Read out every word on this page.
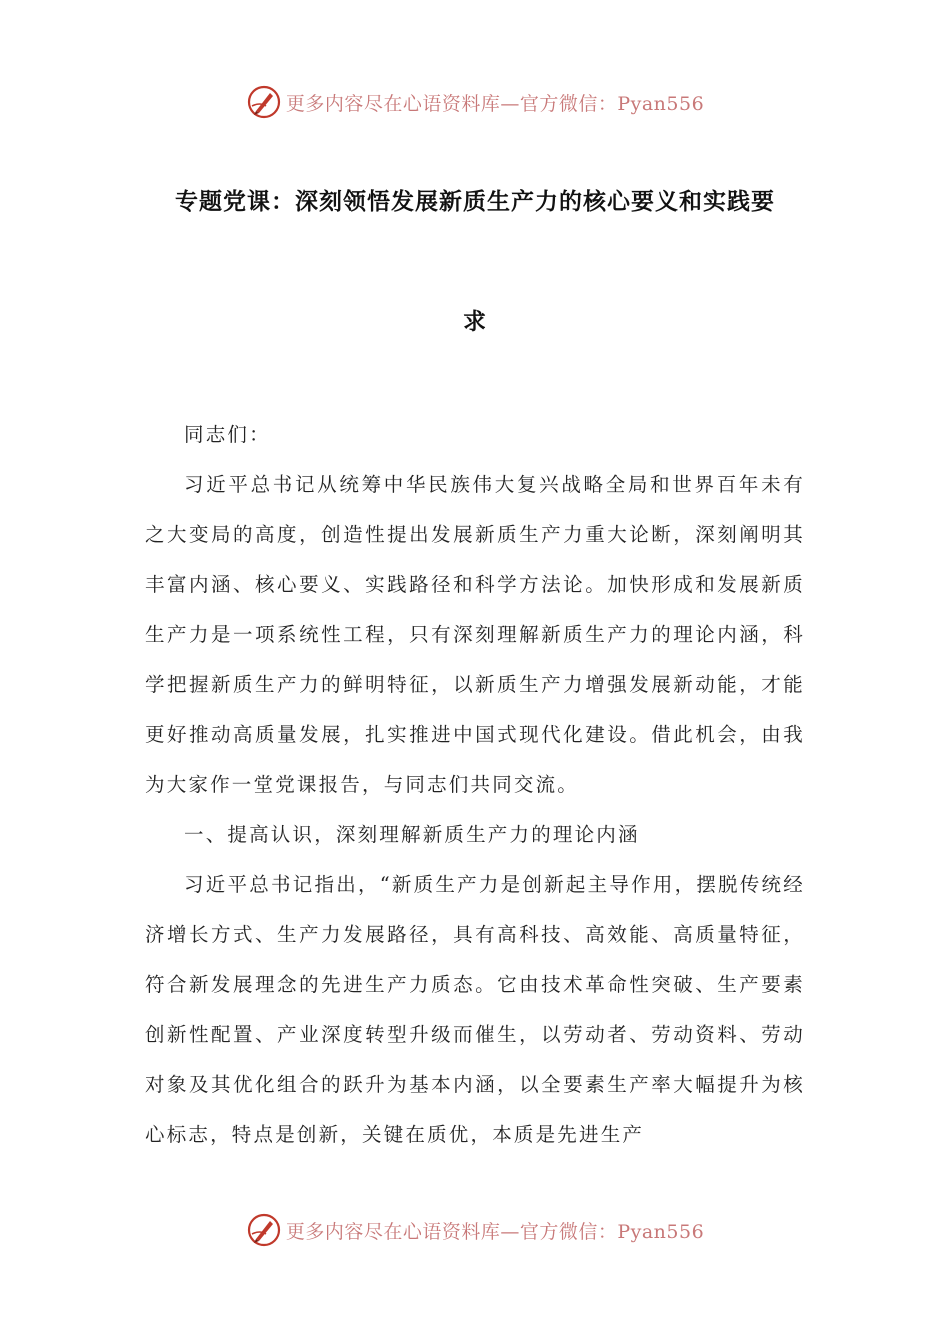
更多内容尽在心语资料库—官方微信：Pyan556
专题党课：深刻领悟发展新质生产力的核心要义和实践要
求

同志们：

习近平总书记从统筹中华民族伟大复兴战略全局和世界百年未有之大变局的高度，创造性提出发展新质生产力重大论断，深刻阐明其丰富内涵、核心要义、实践路径和科学方法论。加快形成和发展新质生产力是一项系统性工程，只有深刻理解新质生产力的理论内涵，科学把握新质生产力的鲜明特征，以新质生产力增强发展新动能，才能更好推动高质量发展，扎实推进中国式现代化建设。借此机会，由我为大家作一堂党课报告，与同志们共同交流。

一、提高认识，深刻理解新质生产力的理论内涵

习近平总书记指出，“新质生产力是创新起主导作用，摆脱传统经济增长方式、生产力发展路径，具有高科技、高效能、高质量特征，符合新发展理念的先进生产力质态。它由技术革命性突破、生产要素创新性配置、产业深度转型升级而催生，以劳动者、劳动资料、劳动对象及其优化组合的跃升为基本内涵，以全要素生产率大幅提升为核心标志，特点是创新，关键在质优，本质是先进生产

更多内容尽在心语资料库—官方微信：Pyan556
